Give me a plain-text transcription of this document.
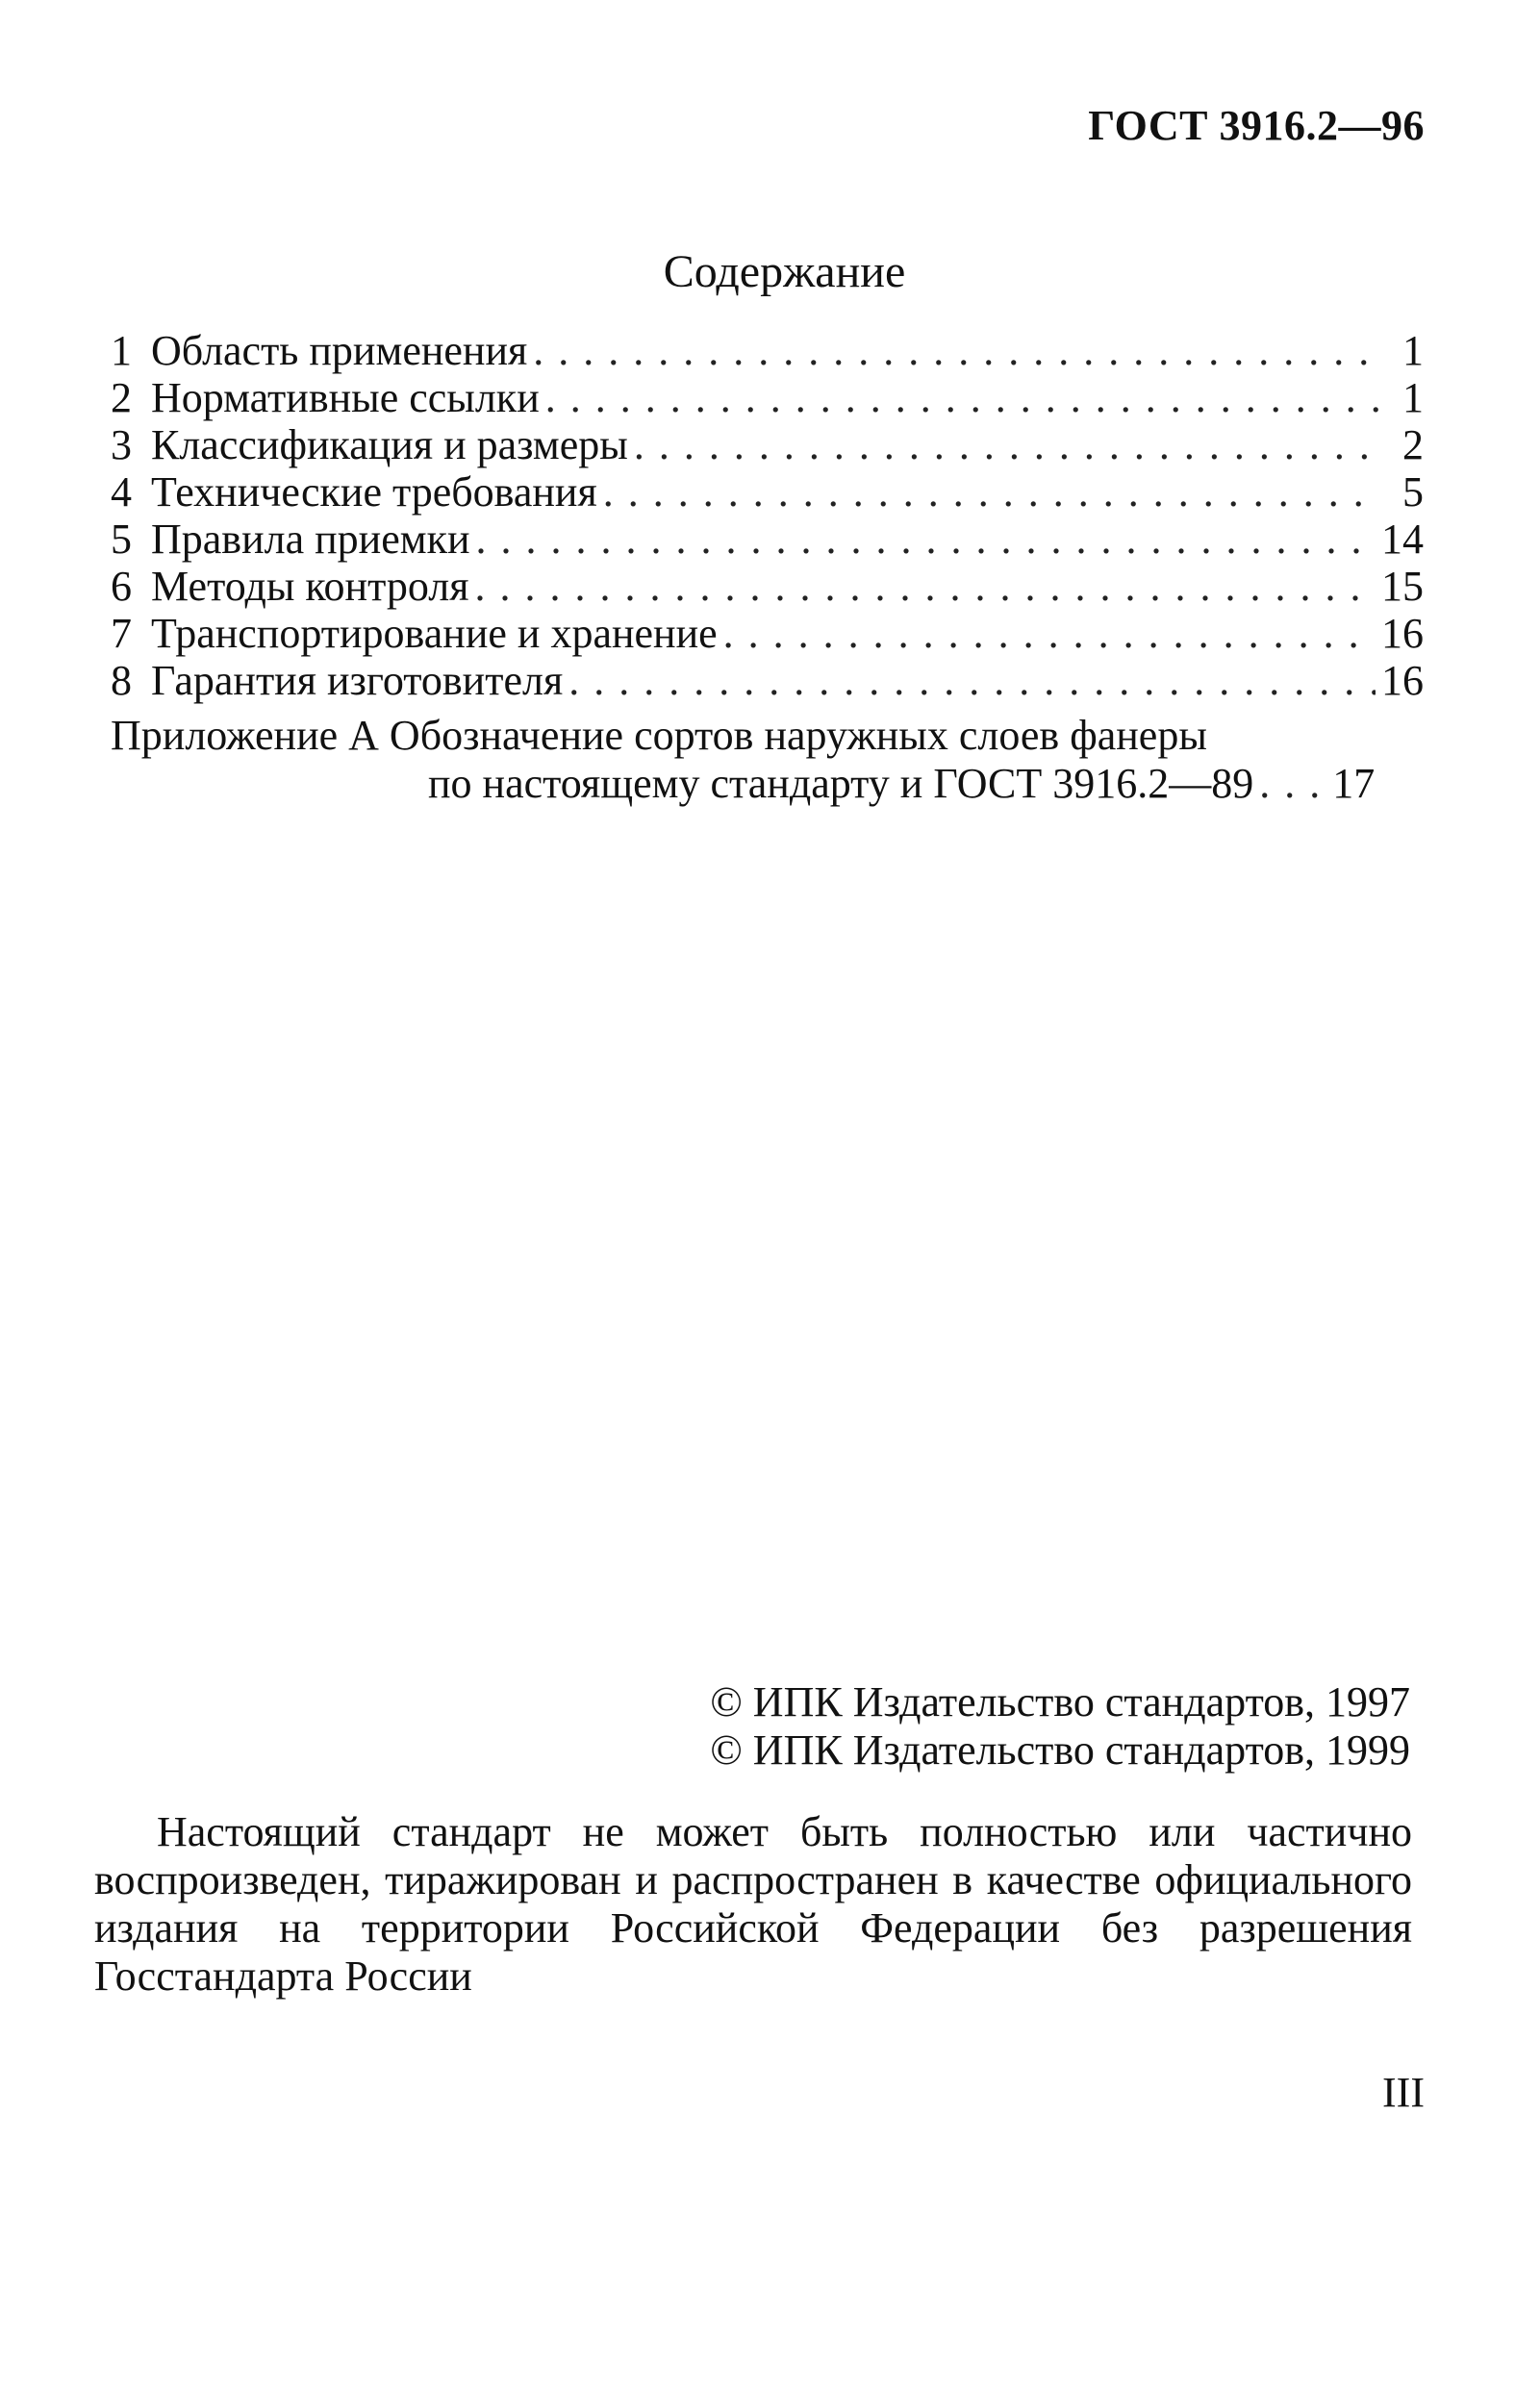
ГОСТ 3916.2—96
Содержание
1 Область применения . . .	1
2 Нормативные ссылки . . .	1
3 Классификация и размеры . . .	2
4 Технические требования . . .	5
5 Правила приемки . . .	14
6 Методы контроля . . .	15
7 Транспортирование и хранение . . .	16
8 Гарантия изготовителя . . .	16
Приложение А Обозначение сортов наружных слоев фанеры
по настоящему стандарту и ГОСТ 3916.2—89 . . . 17
© ИПК Издательство стандартов, 1997
© ИПК Издательство стандартов, 1999
Настоящий стандарт не может быть полностью или частично воспроизведен, тиражирован и распространен в качестве официального издания на территории Российской Федерации без разрешения Госстандарта России
III
